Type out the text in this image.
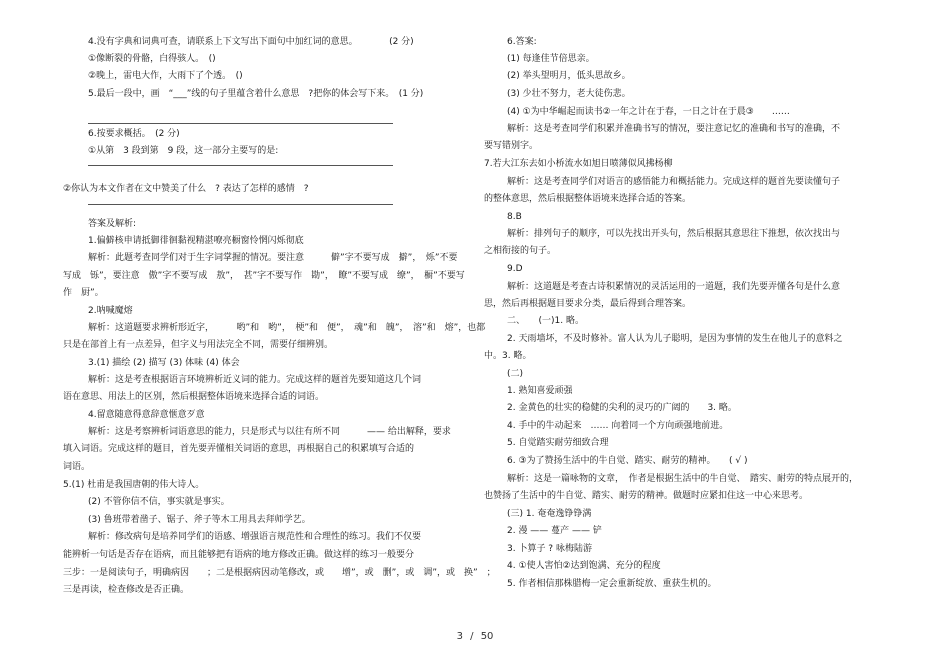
4.没有字典和词典可查，请联系上下文写出下面句中加红词的意思。　　　　(2 分)
①像断裂的骨骼，白得骇人。　()
②晚上，雷电大作，大雨下了个透。　()
5.最后一段中，画　“___”线的句子里蕴含着什么意思　?把你的体会写下来。　(1 分)
6.按要求概括。　(2 分)
①从第　3 段到第　9 段，这一部分主要写的是:
②你认为本文作者在文中赞美了什么　? 表达了怎样的感情　?
答案及解析:
1.偏僻核申请抵御徘徊黏视精湛嘹亮橱窗怜惘闪烁彻底
解析：此题考查同学们对于生字词掌握的情况。要注意　　　僻”字不要写成　擗”，　烁”不要
写成　铄”，要注意　傲”字不要写成　敖”，　甚”字不要写作　勘”，　瞭”不要写成　缭”，　橱”不要写
作　厨”。
2.呐喊魔熔
解析：这道题要求辨析形近字，　　　哟”和　哟”，　梗”和　便”，　魂”和　魄”，　溶”和　熔”，也都
只是在部首上有一点差异，但字义与用法完全不同，需要仔细辨别。
3.(1) 描绘 (2) 描写 (3) 体味 (4) 体会
解析：这是考查根据语言环境辨析近义词的能力。完成这样的题首先要知道这几个词
语在意思、用法上的区别，然后根据整体语境来选择合适的词语。
4.留意随意得意辞意惬意歹意
解析：这是考察辨析词语意思的能力，只是形式与以往有所不同　　　—— 给出解释，要求
填入词语。完成这样的题目，首先要弄懂相关词语的意思，再根据自己的积累填写合适的
词语。
5.(1) 杜甫是我国唐朝的伟大诗人。
(2) 不管你信不信，事实就是事实。
(3) 鲁班带着凿子、锯子、斧子等木工用具去拜师学艺。
解析：修改病句是培养同学们的语感、增强语言规范性和合理性的练习。我们不仅要
能辨析一句话是否存在语病，而且能够把有语病的地方修改正确。做这样的练习一般要分
三步：一是阅读句子，明确病因　　；二是根据病因动笔修改，或　　增”，或　删”，或　调”，或　换”　；
三是再读，检查修改是否正确。
6.答案:
(1) 每逢佳节倍思亲。
(2) 举头望明月，低头思故乡。
(3) 少壮不努力，老大徒伤悲。
(4) ①为中华崛起而读书②一年之计在于春，一日之计在于晨③　　……
解析：这是考查同学们积累并准确书写的情况，要注意记忆的准确和书写的准确，不
要写错别字。
7.若大江东去如小桥流水如旭日喷薄似风拂杨柳
解析：这是考查同学们对语言的感悟能力和概括能力。完成这样的题首先要读懂句子
的整体意思，然后根据整体语境来选择合适的答案。
8.B
解析：排列句子的顺序，可以先找出开头句，然后根据其意思往下推想，依次找出与
之相衔接的句子。
9.D
解析：这道题是考查古诗积累情况的灵活运用的一道题，我们先要弄懂各句是什么意
思，然后再根据题目要求分类，最后得到合理答案。
二、　　(一)1. 略。
2. 天雨墙坏，不及时修补。富人认为儿子聪明，是因为事情的发生在他儿子的意料之
中。3. 略。
(二)
1. 熟知喜爱顽强
2. 金黄色的壮实的稳健的尖利的灵巧的广阔的　　3. 略。
4. 手中的牛动起来　…… 向着同一个方向顽强地前进。
5. 自觉踏实耐劳细致合理
6. ③为了赞扬生活中的牛自觉、踏实、耐劳的精神。　　( √ )
解析：这是一篇咏物的文章，　作者是根据生活中的牛自觉、　踏实、耐劳的特点展开的，
也赞扬了生活中的牛自觉、踏实、耐劳的精神。做题时应紧扣住这一中心来思考。
(三) 1. 奄奄逸铮铮满
2. 漫 —— 蔓产 —— 铲
3. 卜算子 ? 咏梅陆游
4. ①使人害怕②达到饱满、充分的程度
5. 作者相信那株腊梅一定会重新绽放、重获生机的。
3 / 50
